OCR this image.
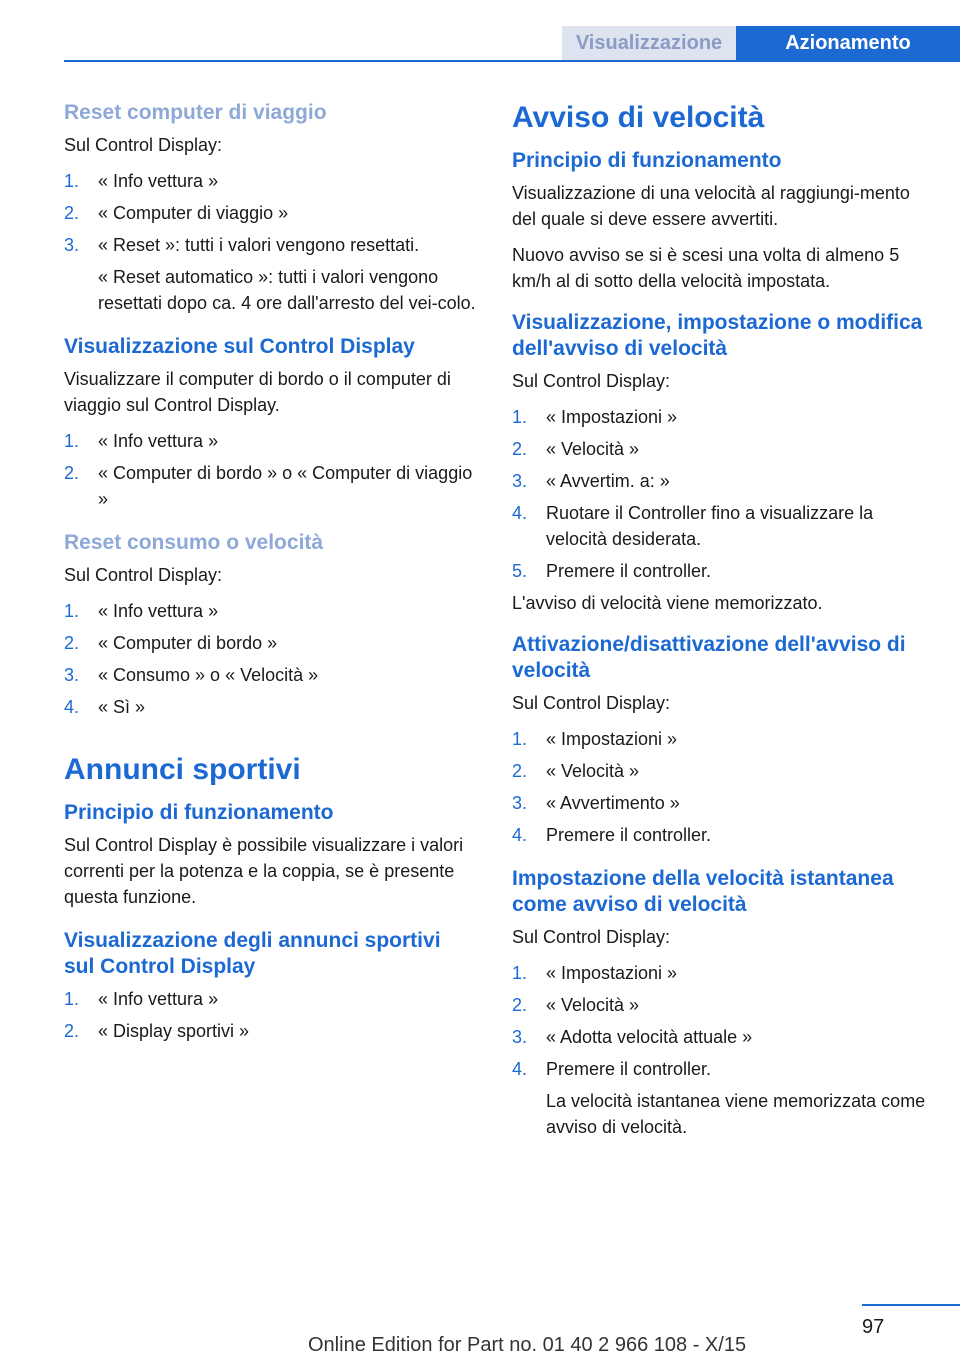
Visualizzazione	Azionamento
Reset computer di viaggio

Sul Control Display:

1. « Info vettura »
2. « Computer di viaggio »
3. « Reset »: tutti i valori vengono resettati.

« Reset automatico »: tutti i valori vengono resettati dopo ca. 4 ore dall'arresto del vei-colo.

Visualizzazione sul Control Display

Visualizzare il computer di bordo o il computer di viaggio sul Control Display.

1. « Info vettura »
2. « Computer di bordo » o « Computer di viaggio »
Reset consumo o velocità

Sul Control Display:

1. « Info vettura »
2. « Computer di bordo »
3. « Consumo » o « Velocità »
4. « Sì »
Annunci sportivi
Principio di funzionamento

Sul Control Display è possibile visualizzare i valori correnti per la potenza e la coppia, se è presente questa funzione.

Visualizzazione degli annunci sportivi sul Control Display
1. « Info vettura »
2. « Display sportivi »
Avviso di velocità
Principio di funzionamento

Visualizzazione di una velocità al raggiungi-mento del quale si deve essere avvertiti.

Nuovo avviso se si è scesi una volta di almeno 5 km/h al di sotto della velocità impostata.

Visualizzazione, impostazione o modifica dell'avviso di velocità

Sul Control Display:

1. « Impostazioni »
2. « Velocità »
3. « Avvertim. a: »
4. Ruotare il Controller fino a visualizzare la velocità desiderata.
5. Premere il controller.

L'avviso di velocità viene memorizzato.

Attivazione/disattivazione dell'avviso di velocità

Sul Control Display:

1. « Impostazioni »
2. « Velocità »
3. « Avvertimento »
4. Premere il controller.
Impostazione della velocità istantanea come avviso di velocità

Sul Control Display:

1. « Impostazioni »
2. « Velocità »
3. « Adotta velocità attuale »
4. Premere il controller.

La velocità istantanea viene memorizzata come avviso di velocità.

97
Online Edition for Part no. 01 40 2 966 108 - X/15
